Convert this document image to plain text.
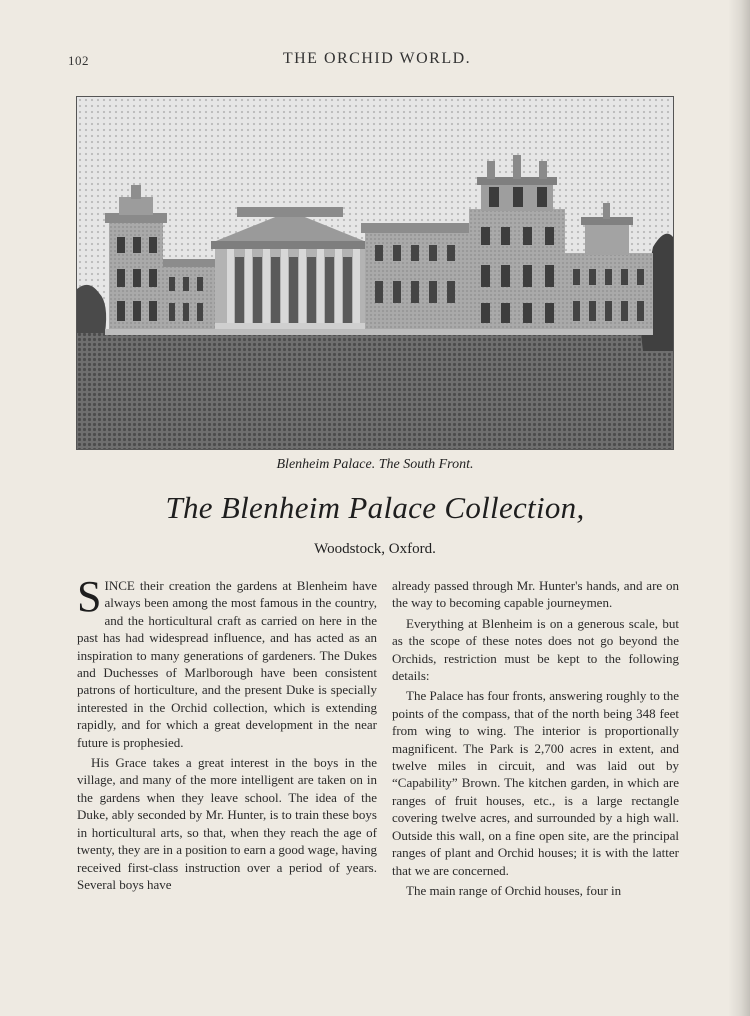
102	THE ORCHID WORLD.
Blenheim Palace. The South Front.
The Blenheim Palace Collection,
Woodstock, Oxford.

SINCE their creation the gardens at Blenheim have always been among the most famous in the country, and the horticultural craft as carried on here in the past has had widespread influence, and has acted as an inspiration to many generations of gardeners. The Dukes and Duchesses of Marlborough have been consistent patrons of horticulture, and the present Duke is specially interested in the Orchid collection, which is extending rapidly, and for which a great development in the near future is prophesied.

His Grace takes a great interest in the boys in the village, and many of the more intelligent are taken on in the gardens when they leave school. The idea of the Duke, ably seconded by Mr. Hunter, is to train these boys in horticultural arts, so that, when they reach the age of twenty, they are in a position to earn a good wage, having received first-class instruction over a period of years. Several boys have

already passed through Mr. Hunter's hands, and are on the way to becoming capable journeymen.

Everything at Blenheim is on a generous scale, but as the scope of these notes does not go beyond the Orchids, restriction must be kept to the following details:

The Palace has four fronts, answering roughly to the points of the compass, that of the north being 348 feet from wing to wing. The interior is proportionally magnificent. The Park is 2,700 acres in extent, and twelve miles in circuit, and was laid out by “Capability” Brown. The kitchen garden, in which are ranges of fruit houses, etc., is a large rectangle covering twelve acres, and surrounded by a high wall. Outside this wall, on a fine open site, are the principal ranges of plant and Orchid houses; it is with the latter that we are concerned.

The main range of Orchid houses, four in
